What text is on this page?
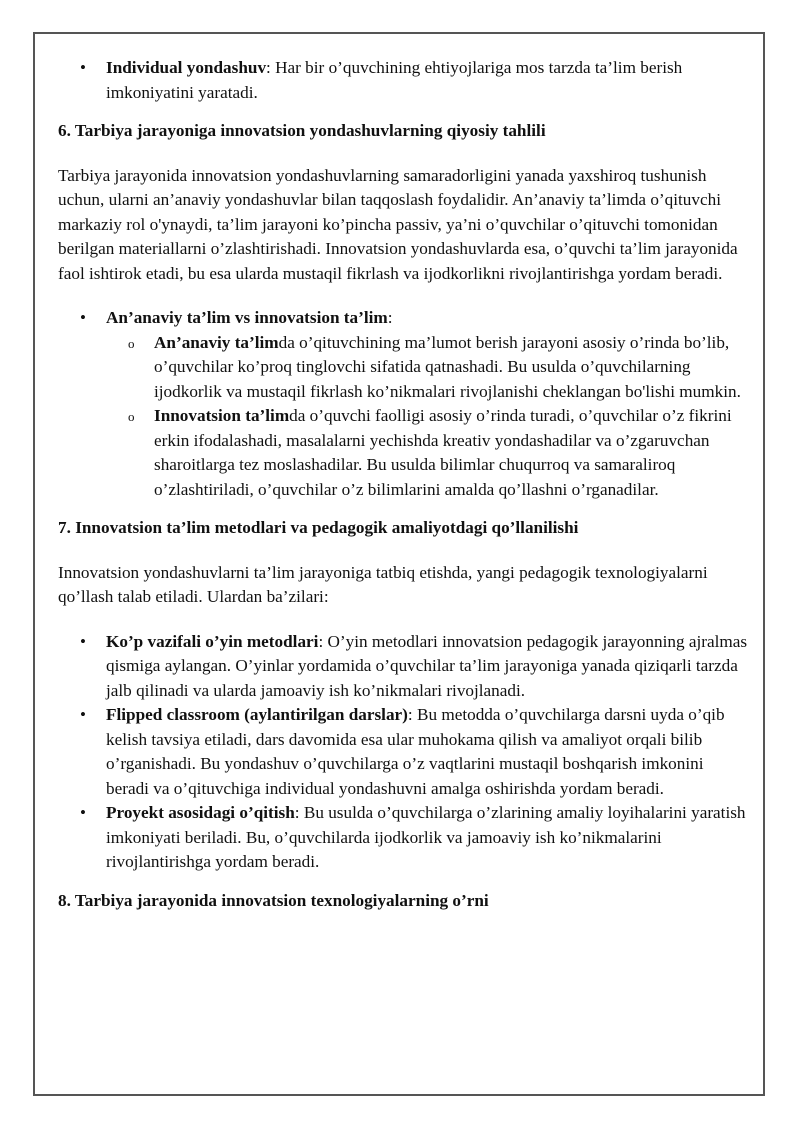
• Individual yondashuv: Har bir o’quvchining ehtiyojlariga mos tarzda ta’lim berish imkoniyatini yaratadi.
6. Tarbiya jarayoniga innovatsion yondashuvlarning qiyosiy tahlili

Tarbiya jarayonida innovatsion yondashuvlarning samaradorligini yanada yaxshiroq tushunish uchun, ularni an’anaviy yondashuvlar bilan taqqoslash foydalidir. An’anaviy ta’limda o’qituvchi markaziy rol o'ynaydi, ta’lim jarayoni ko’pincha passiv, ya’ni o’quvchilar o’qituvchi tomonidan berilgan materiallarni o’zlashtirishadi. Innovatsion yondashuvlarda esa, o’quvchi ta’lim jarayonida faol ishtirok etadi, bu esa ularda mustaqil fikrlash va ijodkorlikni rivojlantirishga yordam beradi.

• An’anaviy ta’lim vs innovatsion ta’lim:
o An’anaviy ta’limda o’qituvchining ma’lumot berish jarayoni asosiy o’rinda bo’lib, o’quvchilar ko’proq tinglovchi sifatida qatnashadi. Bu usulda o’quvchilarning ijodkorlik va mustaqil fikrlash ko’nikmalari rivojlanishi cheklangan bo'lishi mumkin.
o Innovatsion ta’limda o’quvchi faolligi asosiy o’rinda turadi, o’quvchilar o’z fikrini erkin ifodalashadi, masalalarni yechishda kreativ yondashadilar va o’zgaruvchan sharoitlarga tez moslashadilar. Bu usulda bilimlar chuqurroq va samaraliroq o’zlashtiriladi, o’quvchilar o’z bilimlarini amalda qo’llashni o’rganadilar.
7. Innovatsion ta’lim metodlari va pedagogik amaliyotdagi qo’llanilishi

Innovatsion yondashuvlarni ta’lim jarayoniga tatbiq etishda, yangi pedagogik texnologiyalarni qo’llash talab etiladi. Ulardan ba’zilari:

• Ko’p vazifali o’yin metodlari: O’yin metodlari innovatsion pedagogik jarayonning ajralmas qismiga aylangan. O’yinlar yordamida o’quvchilar ta’lim jarayoniga yanada qiziqarli tarzda jalb qilinadi va ularda jamoaviy ish ko’nikmalari rivojlanadi.
• Flipped classroom (aylantirilgan darslar): Bu metodda o’quvchilarga darsni uyda o’qib kelish tavsiya etiladi, dars davomida esa ular muhokama qilish va amaliyot orqali bilib o’rganishadi. Bu yondashuv o’quvchilarga o’z vaqtlarini mustaqil boshqarish imkonini beradi va o’qituvchiga individual yondashuvni amalga oshirishda yordam beradi.
• Proyekt asosidagi o’qitish: Bu usulda o’quvchilarga o’zlarining amaliy loyihalarini yaratish imkoniyati beriladi. Bu, o’quvchilarda ijodkorlik va jamoaviy ish ko’nikmalarini rivojlantirishga yordam beradi.
8. Tarbiya jarayonida innovatsion texnologiyalarning o’rni
